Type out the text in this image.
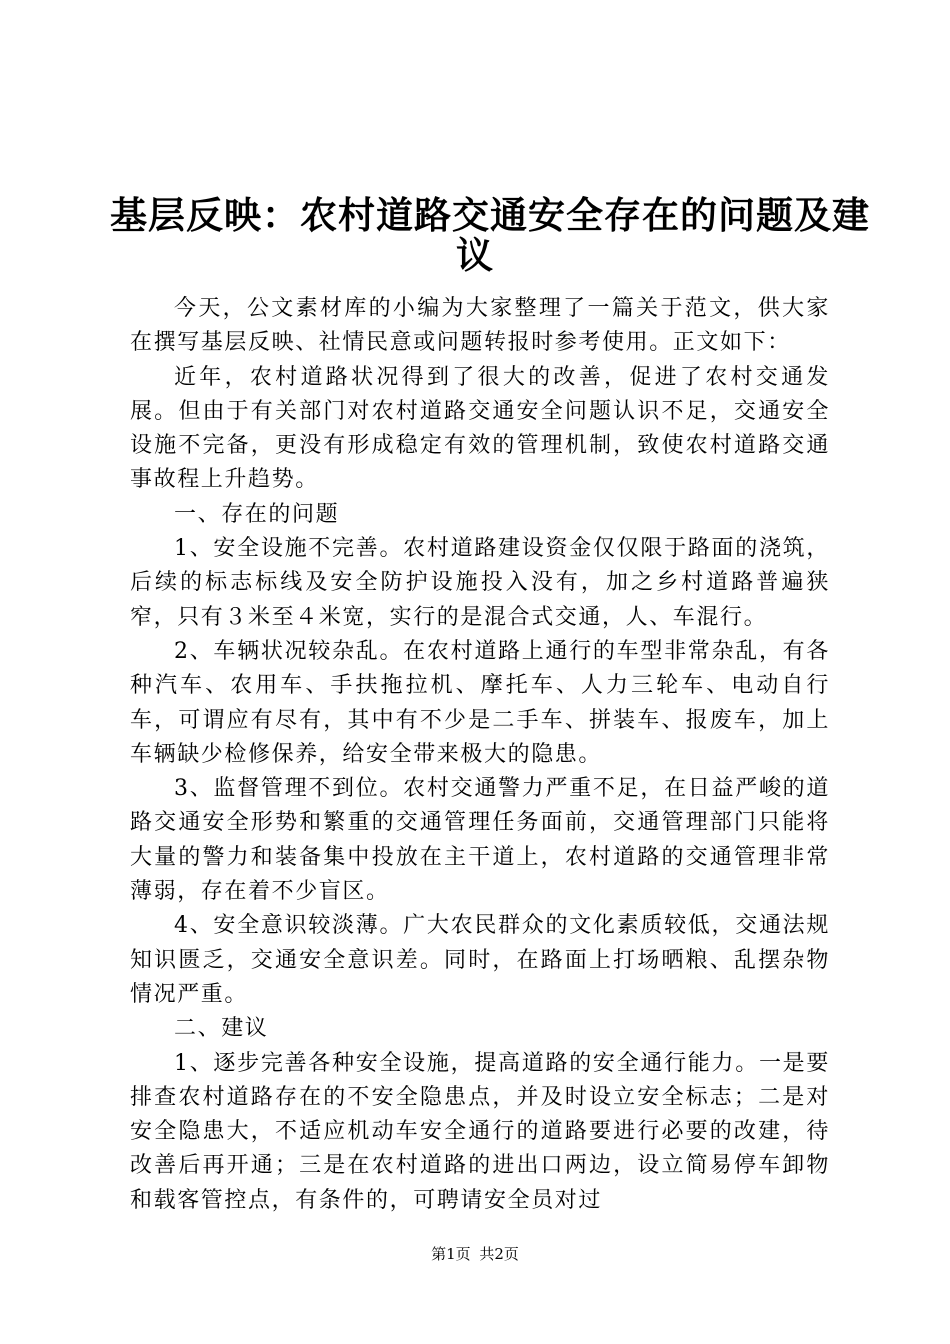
基层反映：农村道路交通安全存在的问题及建
议

今天，公文素材库的小编为大家整理了一篇关于范文，供大家在撰写基层反映、社情民意或问题转报时参考使用。正文如下：

近年，农村道路状况得到了很大的改善，促进了农村交通发展。但由于有关部门对农村道路交通安全问题认识不足，交通安全设施不完备，更没有形成稳定有效的管理机制，致使农村道路交通事故程上升趋势。

一、存在的问题

1、安全设施不完善。农村道路建设资金仅仅限于路面的浇筑，后续的标志标线及安全防护设施投入没有，加之乡村道路普遍狭窄，只有３米至４米宽，实行的是混合式交通，人、车混行。

2、车辆状况较杂乱。在农村道路上通行的车型非常杂乱，有各种汽车、农用车、手扶拖拉机、摩托车、人力三轮车、电动自行车，可谓应有尽有，其中有不少是二手车、拼装车、报废车，加上车辆缺少检修保养，给安全带来极大的隐患。

3、监督管理不到位。农村交通警力严重不足，在日益严峻的道路交通安全形势和繁重的交通管理任务面前，交通管理部门只能将大量的警力和装备集中投放在主干道上，农村道路的交通管理非常薄弱，存在着不少盲区。

4、安全意识较淡薄。广大农民群众的文化素质较低，交通法规知识匮乏，交通安全意识差。同时，在路面上打场晒粮、乱摆杂物情况严重。

二、建议

1、逐步完善各种安全设施，提高道路的安全通行能力。一是要排查农村道路存在的不安全隐患点，并及时设立安全标志；二是对安全隐患大，不适应机动车安全通行的道路要进行必要的改建，待改善后再开通；三是在农村道路的进出口两边，设立简易停车卸物和载客管控点，有条件的，可聘请安全员对过

第1页 共2页
